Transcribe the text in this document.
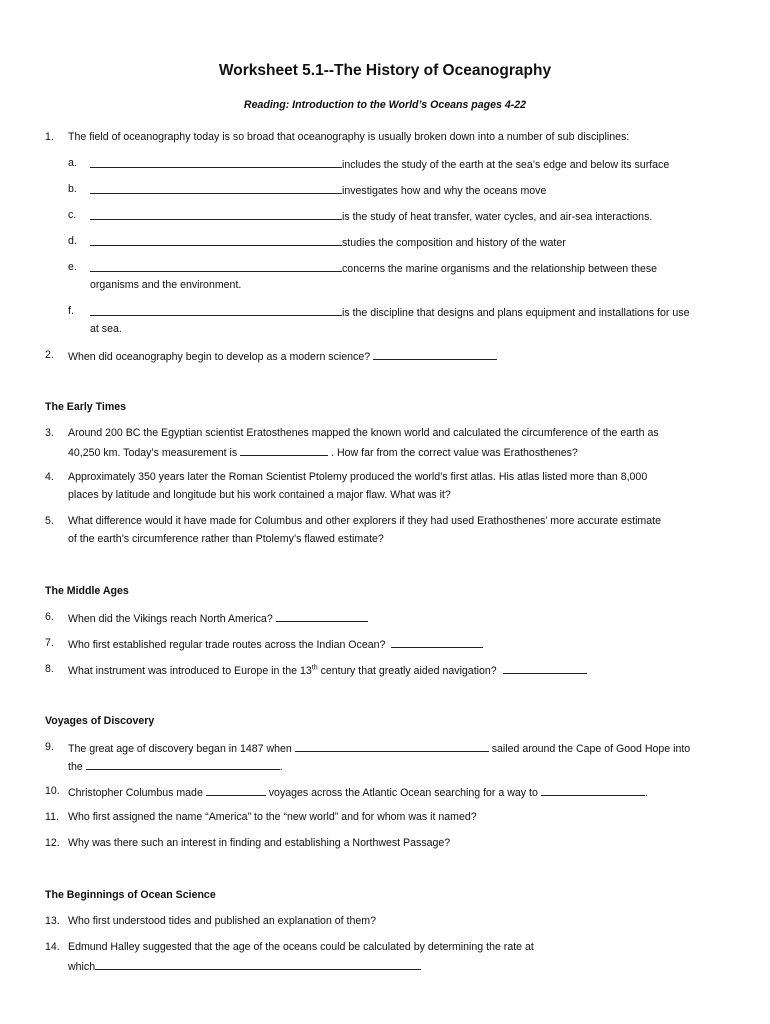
Worksheet 5.1--The History of Oceanography
Reading: Introduction to the World’s Oceans pages 4-22
1. The field of oceanography today is so broad that oceanography is usually broken down into a number of sub disciplines:
a.	includes the study of the earth at the sea’s edge and below its surface
b.	investigates how and why the oceans move
c.	is the study of heat transfer, water cycles, and air-sea interactions.
d.	studies the composition and history of the water
e.	concerns the marine organisms and the relationship between these
organisms and the environment.
f.	is the discipline that designs and plans equipment and installations for use
at sea.
2. When did oceanography begin to develop as a modern science?
The Early Times
3. Around 200 BC the Egyptian scientist Eratosthenes mapped the known world and calculated the circumference of the earth as
40,250 km. Today’s measurement is	. How far from the correct value was Erathosthenes?
4. Approximately 350 years later the Roman Scientist Ptolemy produced the world’s first atlas. His atlas listed more than 8,000
places by latitude and longitude but his work contained a major flaw. What was it?
5. What difference would it have made for Columbus and other explorers if they had used Erathosthenes’ more accurate estimate
of the earth’s circumference rather than Ptolemy’s flawed estimate?
The Middle Ages
6. When did the Vikings reach North America?
7. Who first established regular trade routes across the Indian Ocean?
8. What instrument was introduced to Europe in the 13th century that greatly aided navigation?
Voyages of Discovery
9. The great age of discovery began in 1487 when	sailed around the Cape of Good Hope into
the	.
10. Christopher Columbus made	voyages across the Atlantic Ocean searching for a way to	.
11. Who first assigned the name “America” to the “new world” and for whom was it named?
12. Why was there such an interest in finding and establishing a Northwest Passage?
The Beginnings of Ocean Science
13. Who first understood tides and published an explanation of them?
14. Edmund Halley suggested that the age of the oceans could be calculated by determining the rate at
which
